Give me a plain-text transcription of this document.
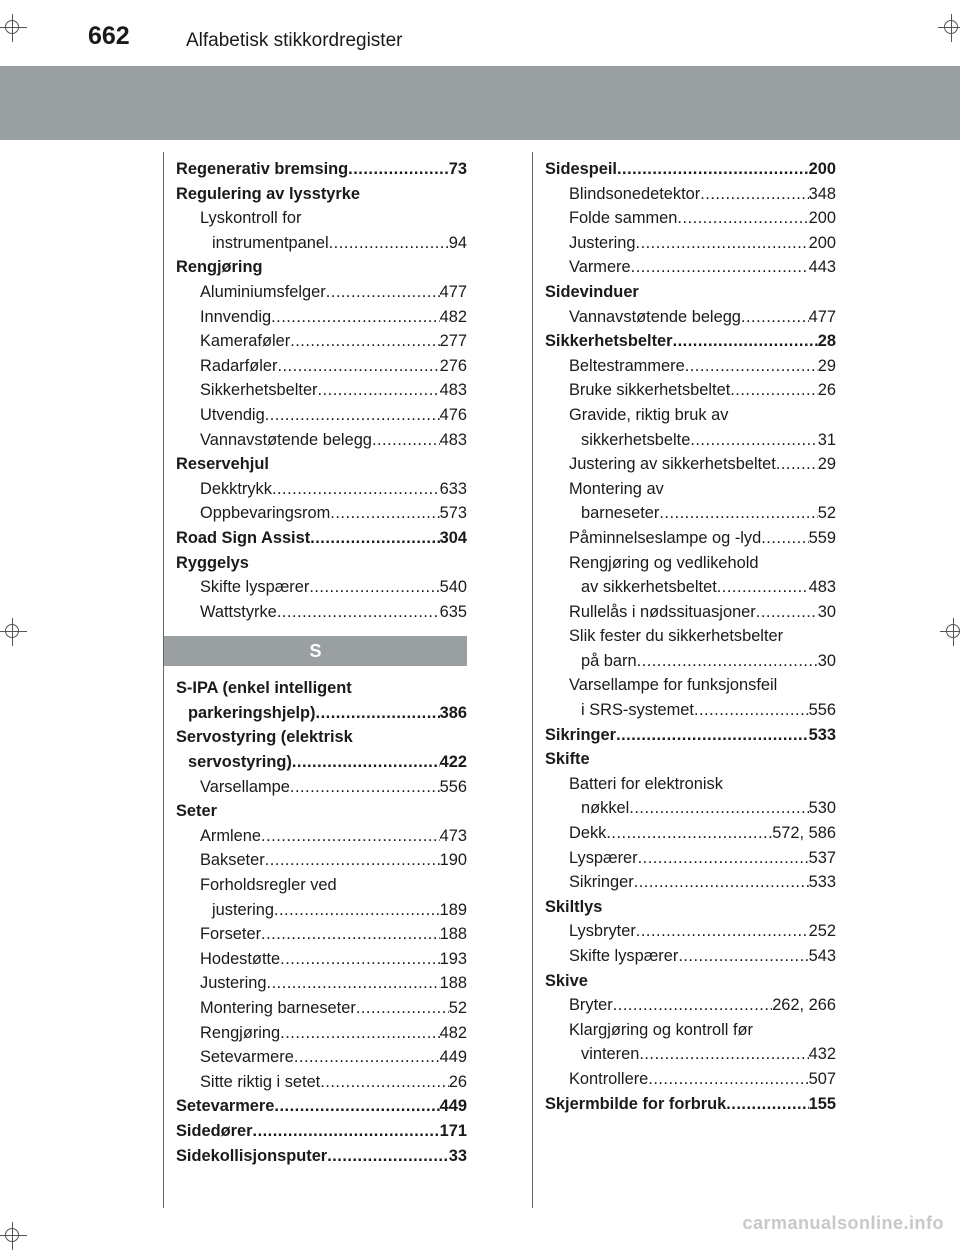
662	Alfabetisk stikkordregister
Regenerativ bremsing .....	73
Regulering av lysstyrke
Lyskontroll for
instrumentpanel .....	94
Rengjøring
Aluminiumsfelger .....	477
Innvendig .....	482
Kameraføler .....	277
Radarføler .....	276
Sikkerhetsbelter .....	483
Utvendig .....	476
Vannavstøtende belegg .....	483
Reservehjul
Dekktrykk .....	633
Oppbevaringsrom .....	573
Road Sign Assist .....	304
Ryggelys
Skifte lyspærer .....	540
Wattstyrke .....	635
S
S-IPA (enkel intelligent
parkeringshjelp) .....	386
Servostyring (elektrisk
servostyring) .....	422
Varsellampe .....	556
Seter
Armlene .....	473
Bakseter .....	190
Forholdsregler ved
justering .....	189
Forseter .....	188
Hodestøtte .....	193
Justering .....	188
Montering barneseter .....	52
Rengjøring .....	482
Setevarmere .....	449
Sitte riktig i setet .....	26
Setevarmere .....	449
Sidedører .....	171
Sidekollisjonsputer .....	33
Sidespeil .....	200
Blindsonedetektor .....	348
Folde sammen .....	200
Justering .....	200
Varmere .....	443
Sidevinduer
Vannavstøtende belegg .....	477
Sikkerhetsbelter .....	28
Beltestrammere .....	29
Bruke sikkerhetsbeltet .....	26
Gravide, riktig bruk av
sikkerhetsbelte .....	31
Justering av sikkerhetsbeltet .....	29
Montering av
barneseter .....	52
Påminnelseslampe og -lyd .....	559
Rengjøring og vedlikehold
av sikkerhetsbeltet .....	483
Rullelås i nødssituasjoner .....	30
Slik fester du sikkerhetsbelter
på barn .....	30
Varsellampe for funksjonsfeil
i SRS-systemet .....	556
Sikringer .....	533
Skifte
Batteri for elektronisk
nøkkel .....	530
Dekk .....	572, 586
Lyspærer .....	537
Sikringer .....	533
Skiltlys
Lysbryter .....	252
Skifte lyspærer .....	543
Skive
Bryter .....	262, 266
Klargjøring og kontroll før
vinteren .....	432
Kontrollere .....	507
Skjermbilde for forbruk .....	155
carmanualsonline.info
